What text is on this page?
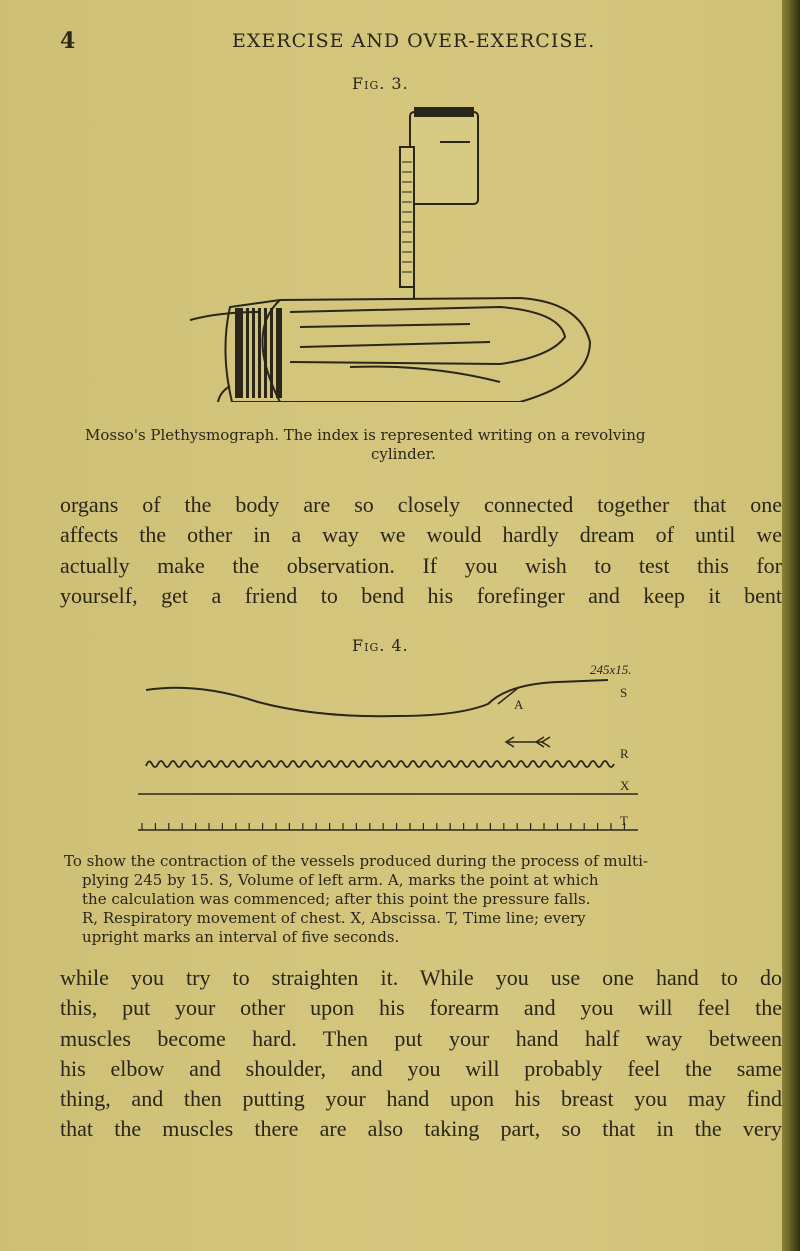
4	EXERCISE AND OVER-EXERCISE.
Fig. 3.
Mosso's Plethysmograph. The index is represented writing on a revolving
cylinder.
organs of the body are so closely connected together that one
affects the other in a way we would hardly dream of until we
actually make the observation. If you wish to test this for
yourself, get a friend to bend his forefinger and keep it bent
Fig. 4.
245x15.
S
A
R
X
T
To show the contraction of the vessels produced during the process of multi-
plying 245 by 15. S, Volume of left arm. A, marks the point at which
the calculation was commenced; after this point the pressure falls.
R, Respiratory movement of chest. X, Abscissa. T, Time line; every
upright marks an interval of five seconds.
while you try to straighten it. While you use one hand to do
this, put your other upon his forearm and you will feel the
muscles become hard. Then put your hand half way between
his elbow and shoulder, and you will probably feel the same
thing, and then putting your hand upon his breast you may find
that the muscles there are also taking part, so that in the very
